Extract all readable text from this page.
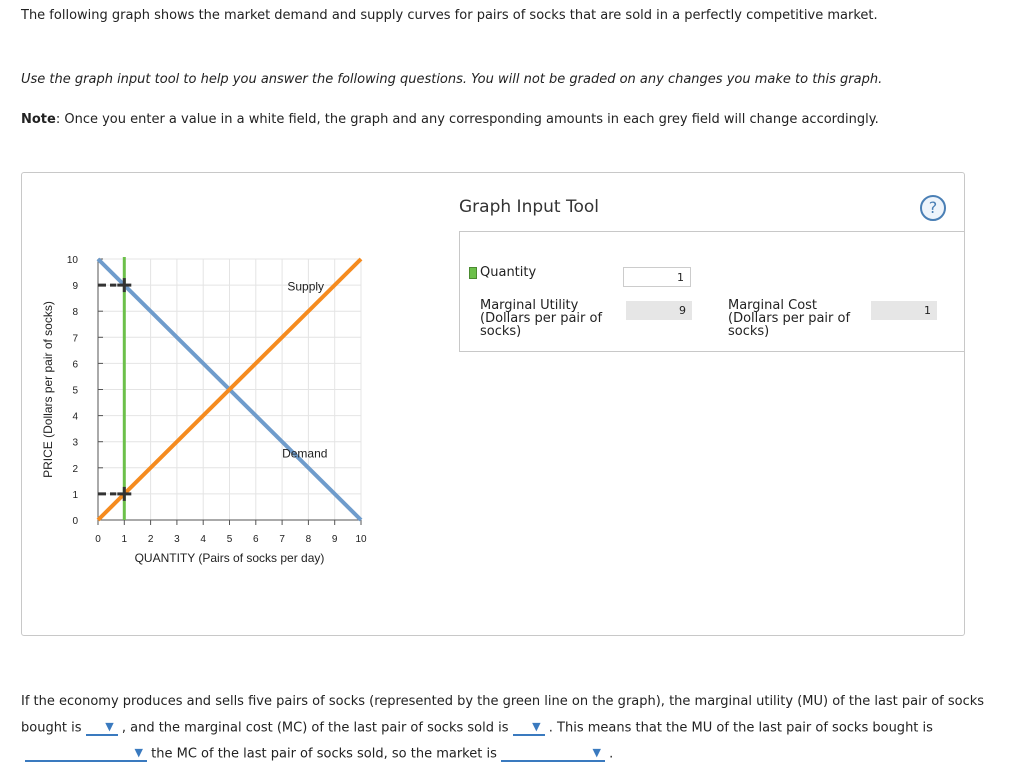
The following graph shows the market demand and supply curves for pairs of socks that are sold in a perfectly competitive market.
Use the graph input tool to help you answer the following questions. You will not be graded on any changes you make to this graph.
Note: Once you enter a value in a white field, the graph and any corresponding amounts in each grey field will change accordingly.
0 1 2 3 4 5 6 7 8 9 10
0
1
2
3
4
5
6
7
8
9
10
QUANTITY (Pairs of socks per day)
PRICE (Dollars per pair of socks)
Supply
Demand
Graph Input Tool	?
Quantity	1
Marginal Utility
(Dollars per pair of
socks)
9	Marginal Cost
(Dollars per pair of
socks)
1
If the economy produces and sells five pairs of socks (represented by the green line on the graph), the marginal utility (MU) of the last pair of socks
bought is ▼ , and the marginal cost (MC) of the last pair of socks sold is ▼ . This means that the MU of the last pair of socks bought is
▼ the MC of the last pair of socks sold, so the market is	▼ .
